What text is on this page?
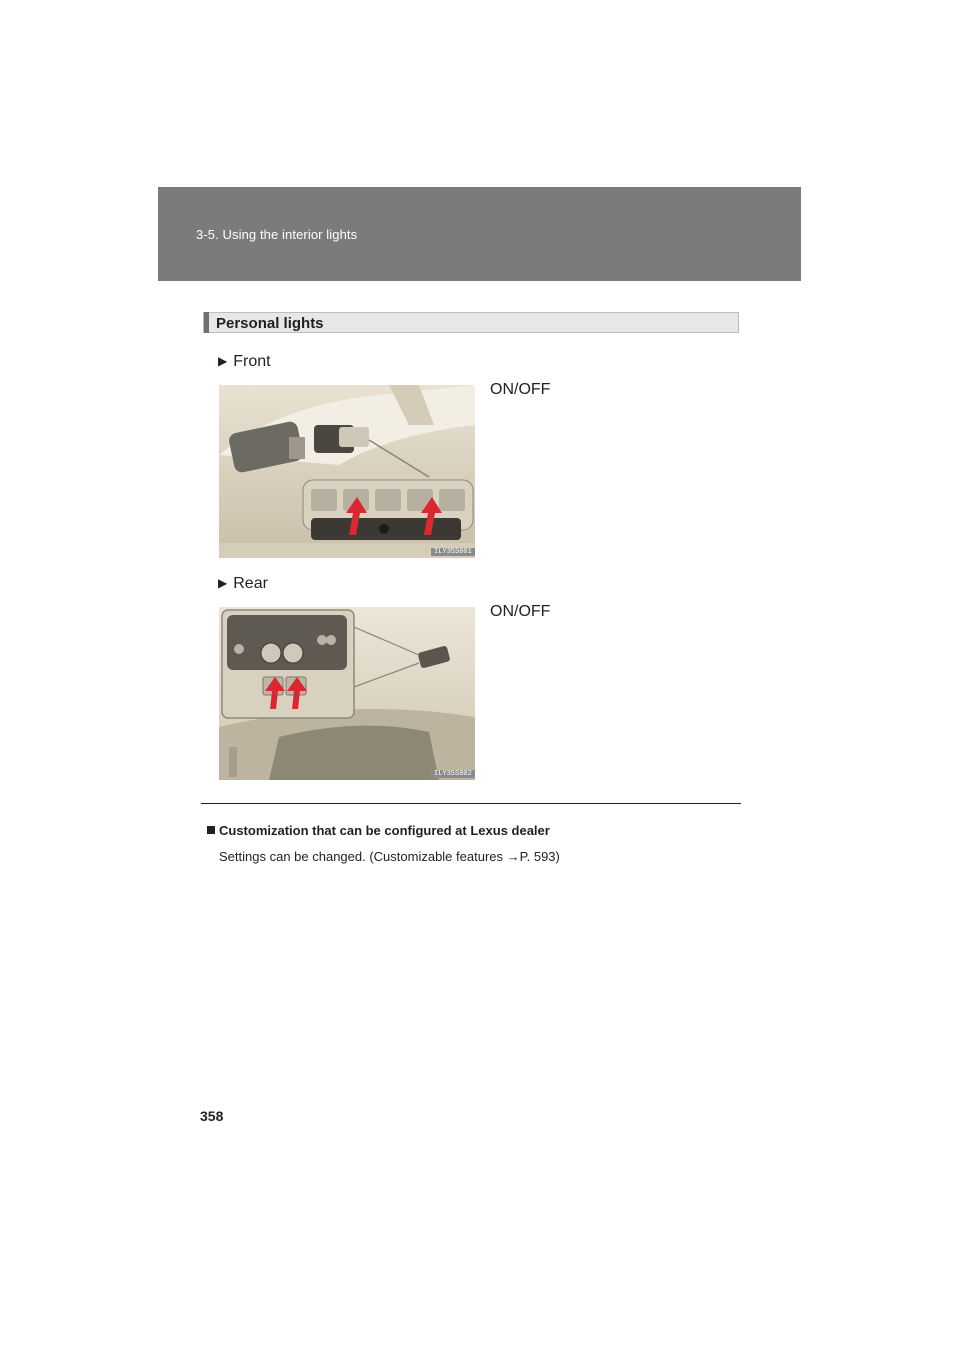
3-5. Using the interior lights
Personal lights
▶ Front
ILY35S001
ON/OFF
▶ Rear
ILY35S002
ON/OFF
Customization that can be configured at Lexus dealer
Settings can be changed. (Customizable features →P. 593)
358
